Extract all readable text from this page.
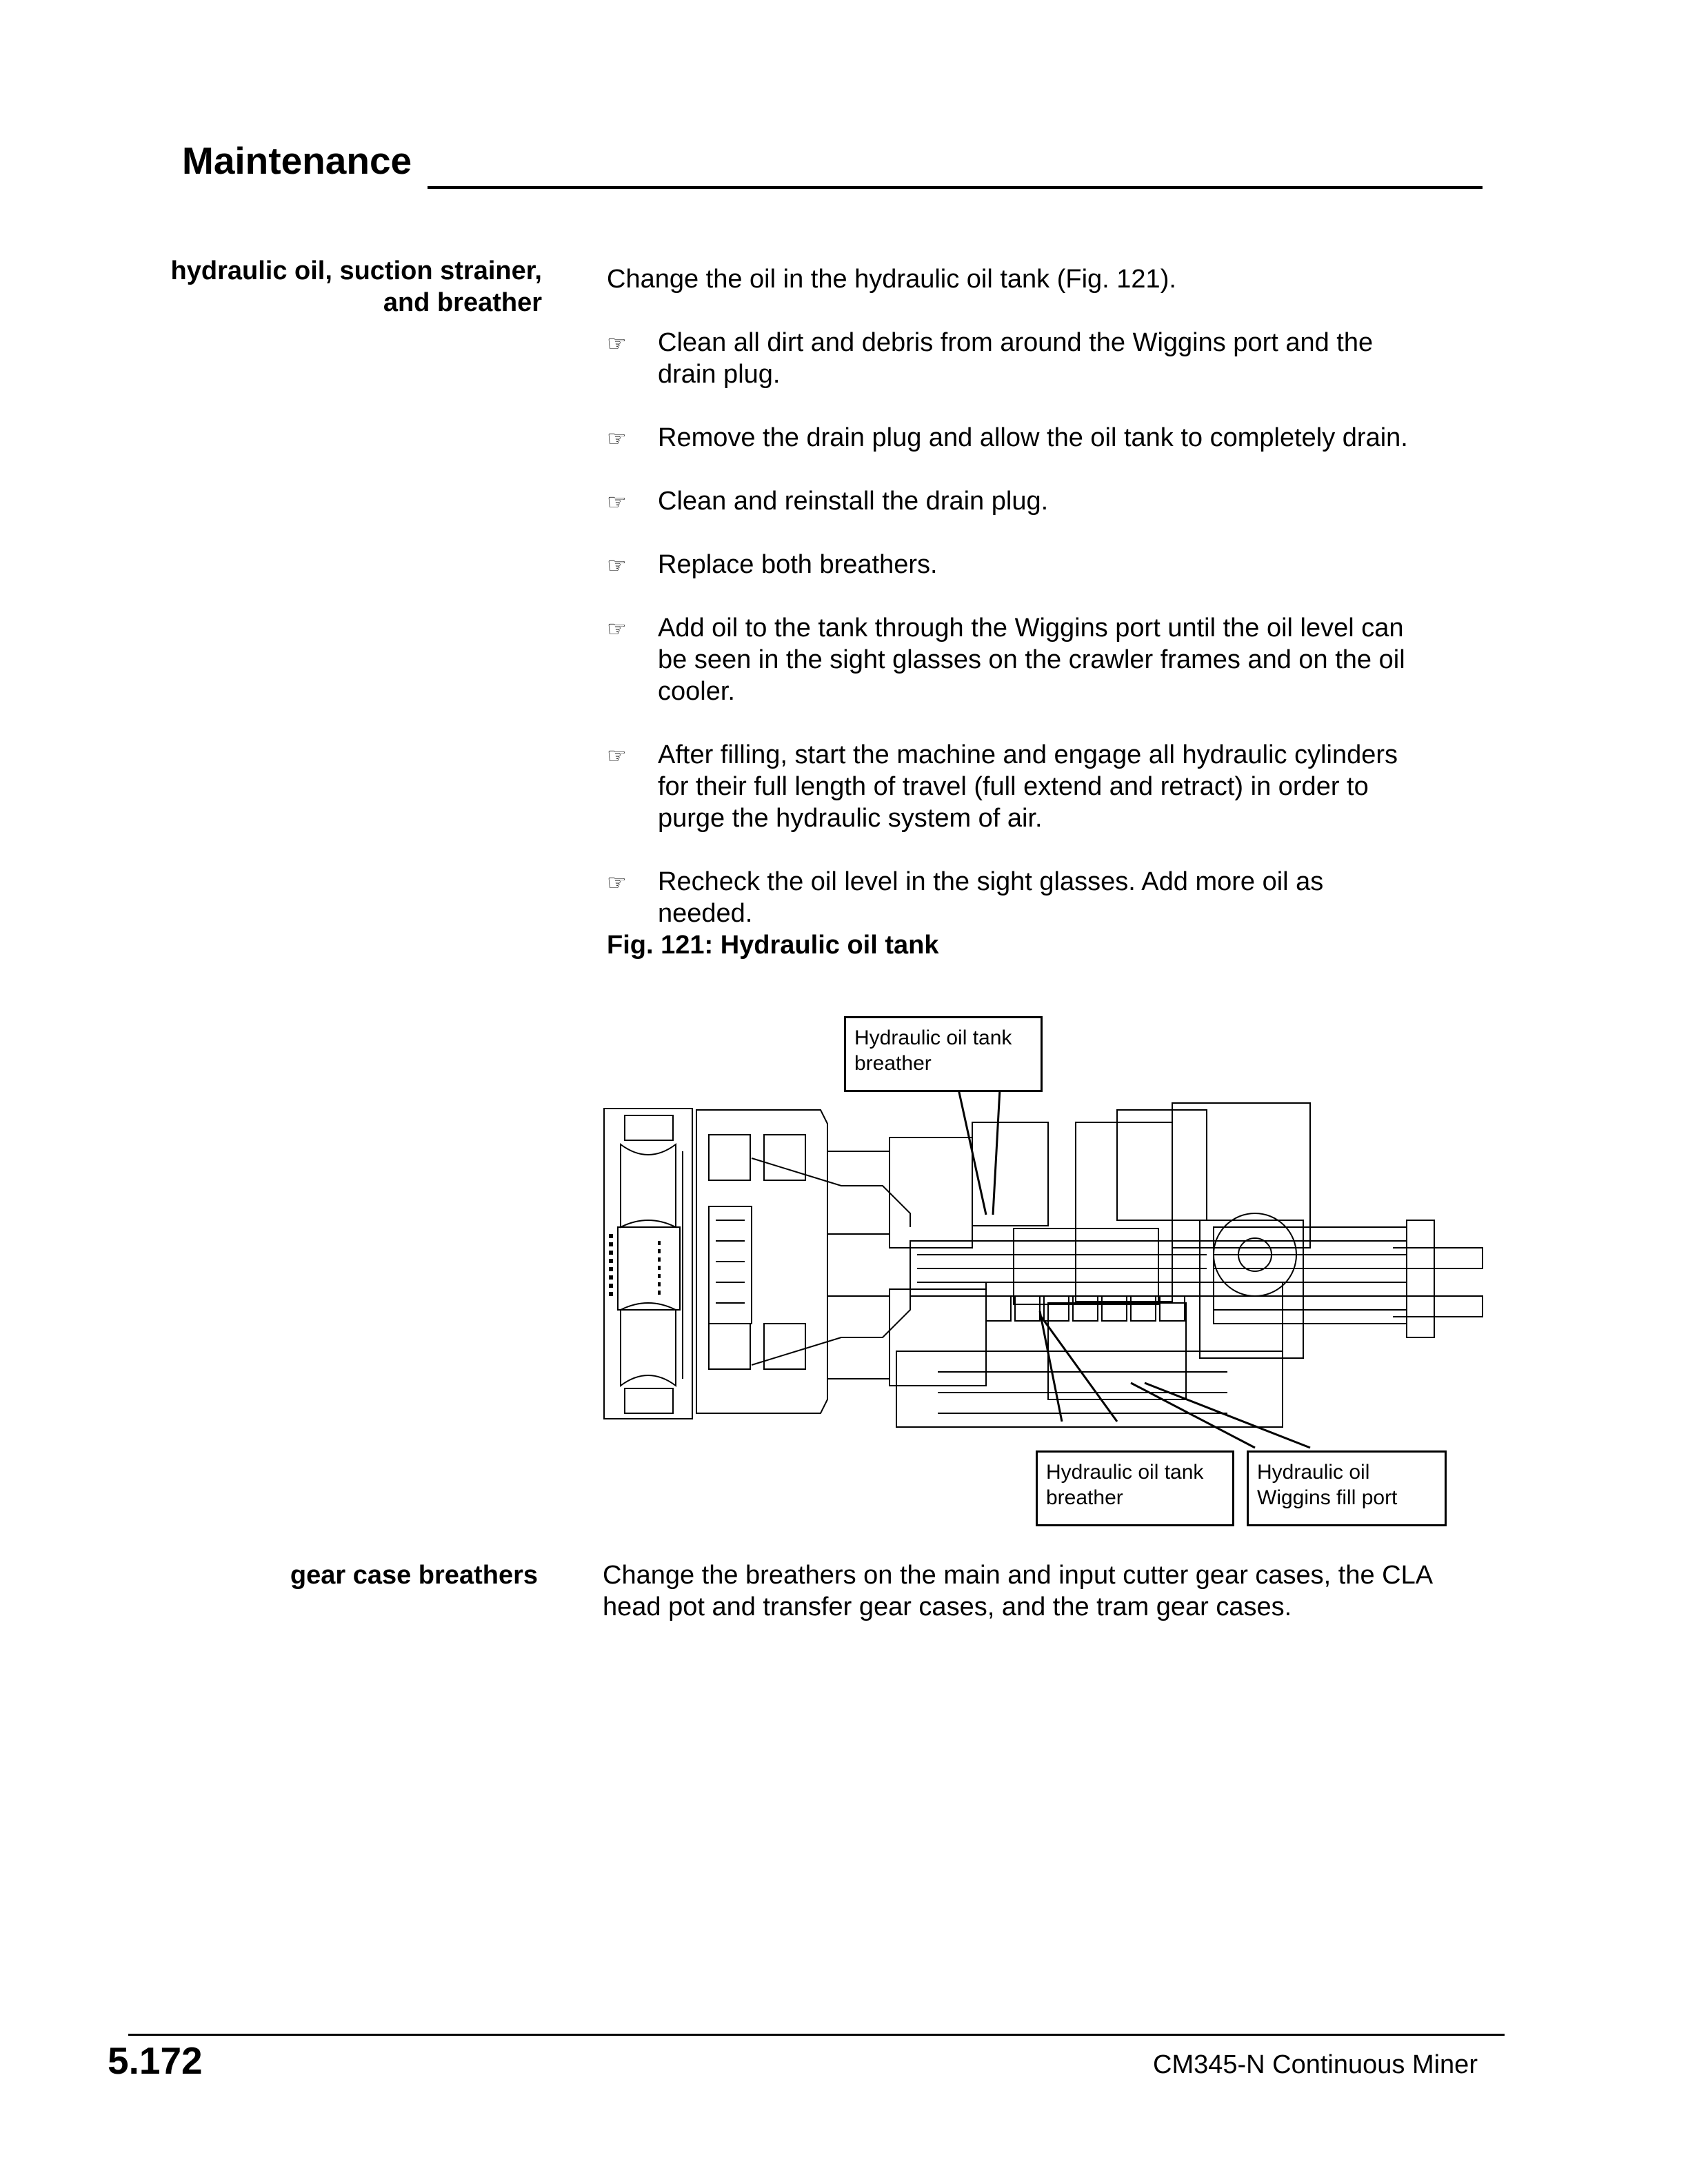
Maintenance
hydraulic oil, suction strainer,
and breather
Change the oil in the hydraulic oil tank (Fig. 121).
☞ Clean all dirt and debris from around the Wiggins port and the drain plug.
☞ Remove the drain plug and allow the oil tank to completely drain.
☞ Clean and reinstall the drain plug.
☞ Replace both breathers.
☞ Add oil to the tank through the Wiggins port until the oil level can be seen in the sight glasses on the crawler frames and on the oil cooler.
☞ After filling, start the machine and engage all hydraulic cylinders for their full length of travel (full extend and retract) in order to purge the hydraulic system of air.
☞ Recheck the oil level in the sight glasses. Add more oil as needed.
Fig. 121: Hydraulic oil tank
Hydraulic oil tank breather
Hydraulic oil tank breather
Hydraulic oil Wiggins fill port
gear case breathers Change the breathers on the main and input cutter gear cases, the CLA head pot and transfer gear cases, and the tram gear cases.
5.172	CM345-N Continuous Miner
